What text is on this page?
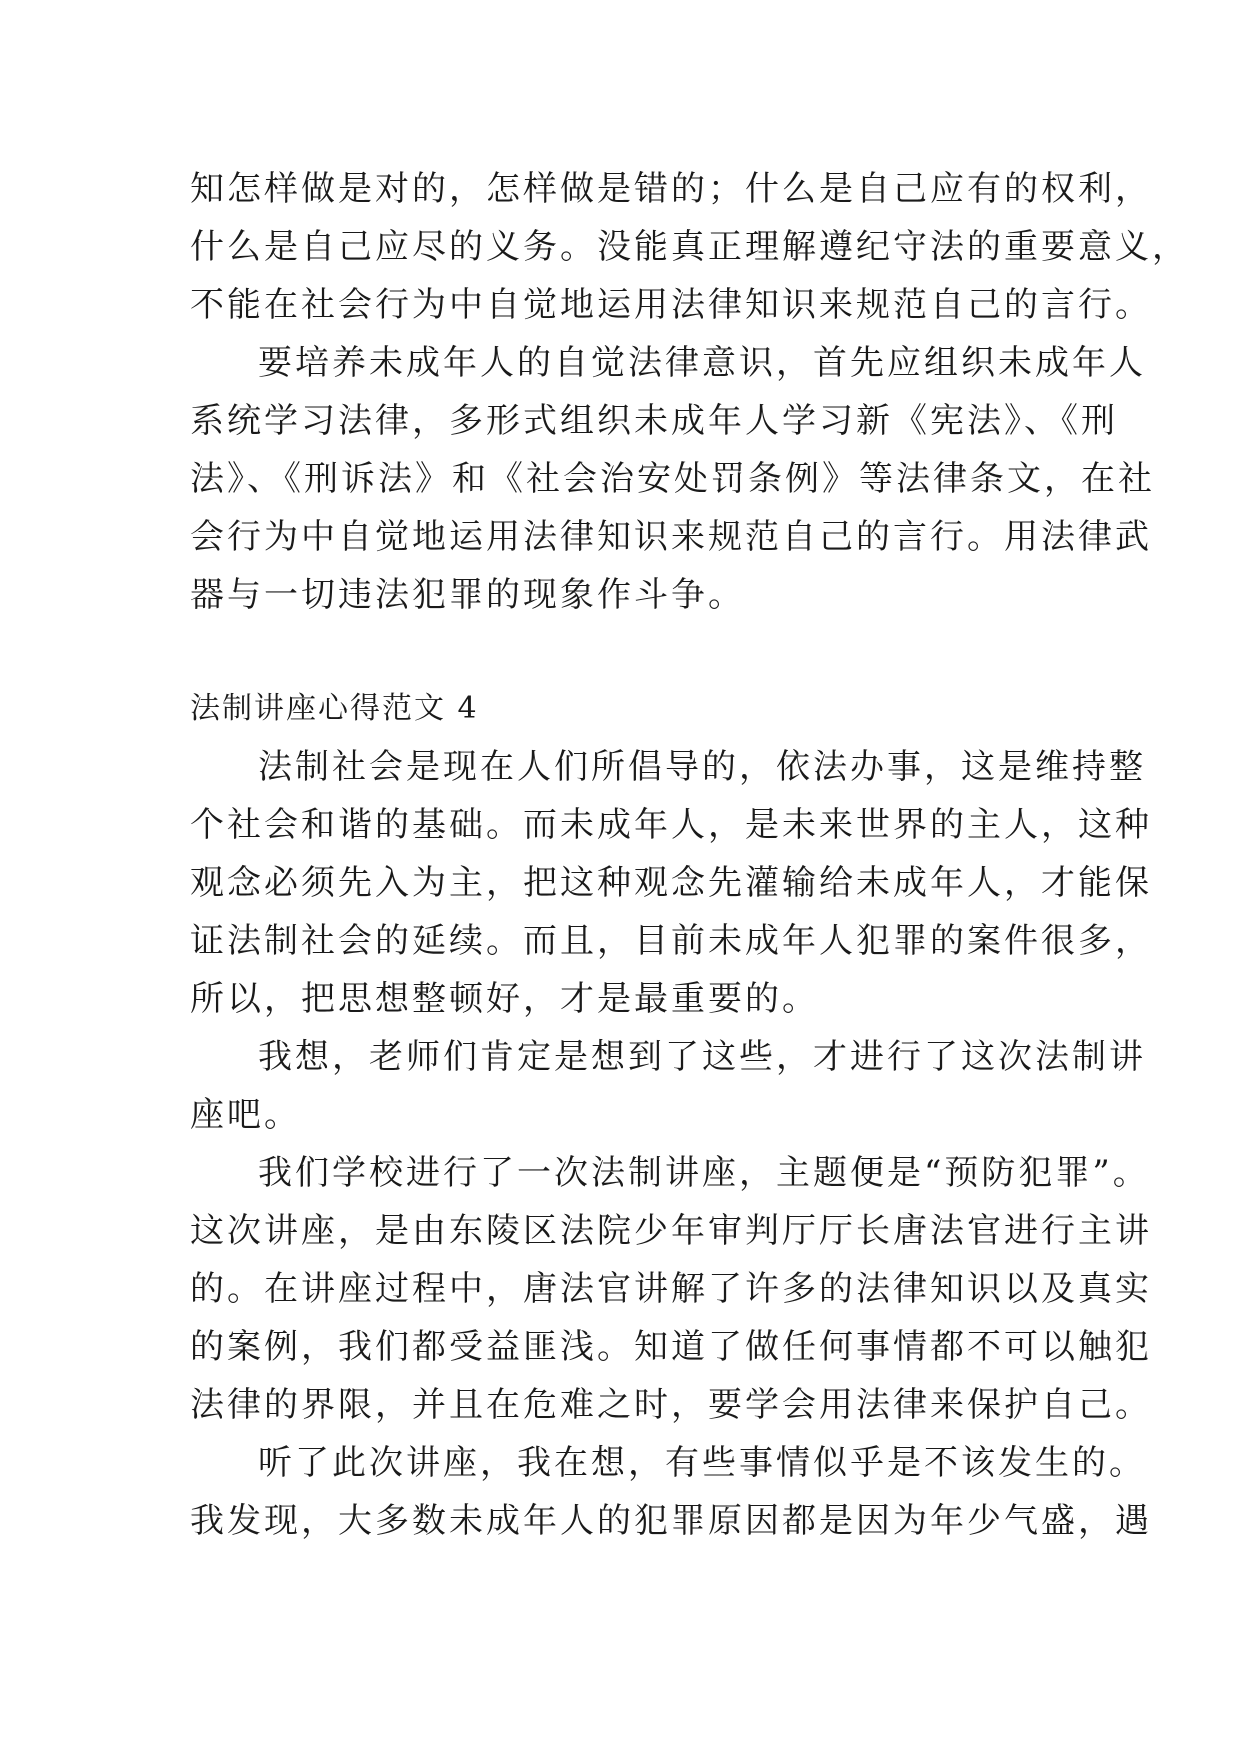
知怎样做是对的，怎样做是错的；什么是自己应有的权利，
什么是自己应尽的义务。没能真正理解遵纪守法的重要意义，
不能在社会行为中自觉地运用法律知识来规范自己的言行。
要培养未成年人的自觉法律意识，首先应组织未成年人
系统学习法律，多形式组织未成年人学习新《宪法》、《刑
法》、《刑诉法》和《社会治安处罚条例》等法律条文，在社
会行为中自觉地运用法律知识来规范自己的言行。用法律武
器与一切违法犯罪的现象作斗争。
法制讲座心得范文 4
法制社会是现在人们所倡导的，依法办事，这是维持整
个社会和谐的基础。而未成年人，是未来世界的主人，这种
观念必须先入为主，把这种观念先灌输给未成年人，才能保
证法制社会的延续。而且，目前未成年人犯罪的案件很多，
所以，把思想整顿好，才是最重要的。
我想，老师们肯定是想到了这些，才进行了这次法制讲
座吧。
我们学校进行了一次法制讲座，主题便是“预防犯罪”。
这次讲座，是由东陵区法院少年审判厅厅长唐法官进行主讲
的。在讲座过程中，唐法官讲解了许多的法律知识以及真实
的案例，我们都受益匪浅。知道了做任何事情都不可以触犯
法律的界限，并且在危难之时，要学会用法律来保护自己。
听了此次讲座，我在想，有些事情似乎是不该发生的。
我发现，大多数未成年人的犯罪原因都是因为年少气盛，遇
